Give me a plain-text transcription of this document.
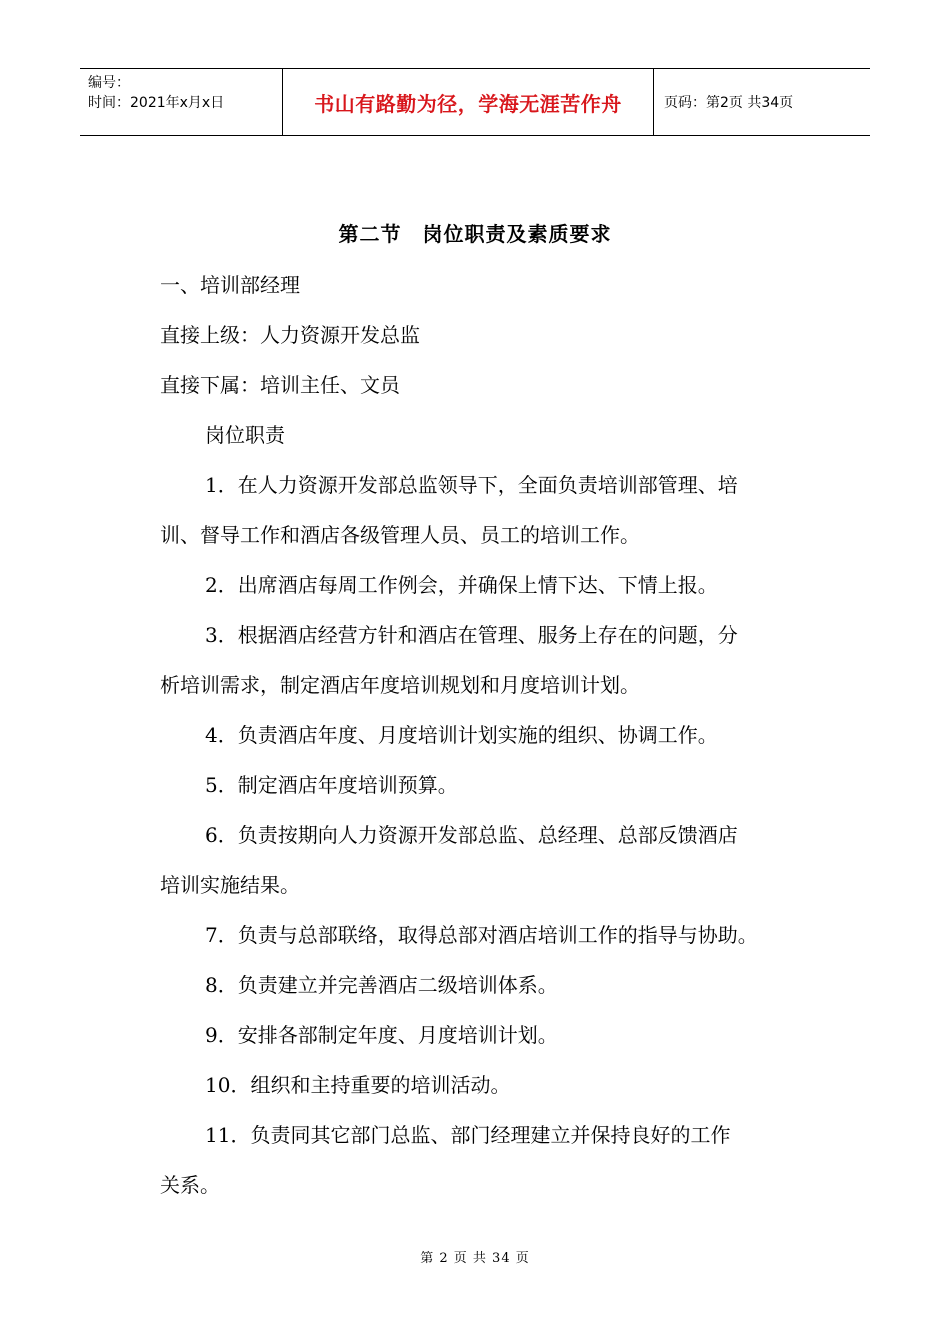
编号：
时间：2021年x月x日	书山有路勤为径，学海无涯苦作舟	页码：第2页 共34页
第二节　岗位职责及素质要求
一、培训部经理
直接上级：人力资源开发总监
直接下属：培训主任、文员
岗位职责
1．在人力资源开发部总监领导下，全面负责培训部管理、培
训、督导工作和酒店各级管理人员、员工的培训工作。
2．出席酒店每周工作例会，并确保上情下达、下情上报。
3．根据酒店经营方针和酒店在管理、服务上存在的问题，分
析培训需求，制定酒店年度培训规划和月度培训计划。
4．负责酒店年度、月度培训计划实施的组织、协调工作。
5．制定酒店年度培训预算。
6．负责按期向人力资源开发部总监、总经理、总部反馈酒店
培训实施结果。
7．负责与总部联络，取得总部对酒店培训工作的指导与协助。
8．负责建立并完善酒店二级培训体系。
9．安排各部制定年度、月度培训计划。
10．组织和主持重要的培训活动。
11．负责同其它部门总监、部门经理建立并保持良好的工作
关系。
第 2 页 共 34 页
